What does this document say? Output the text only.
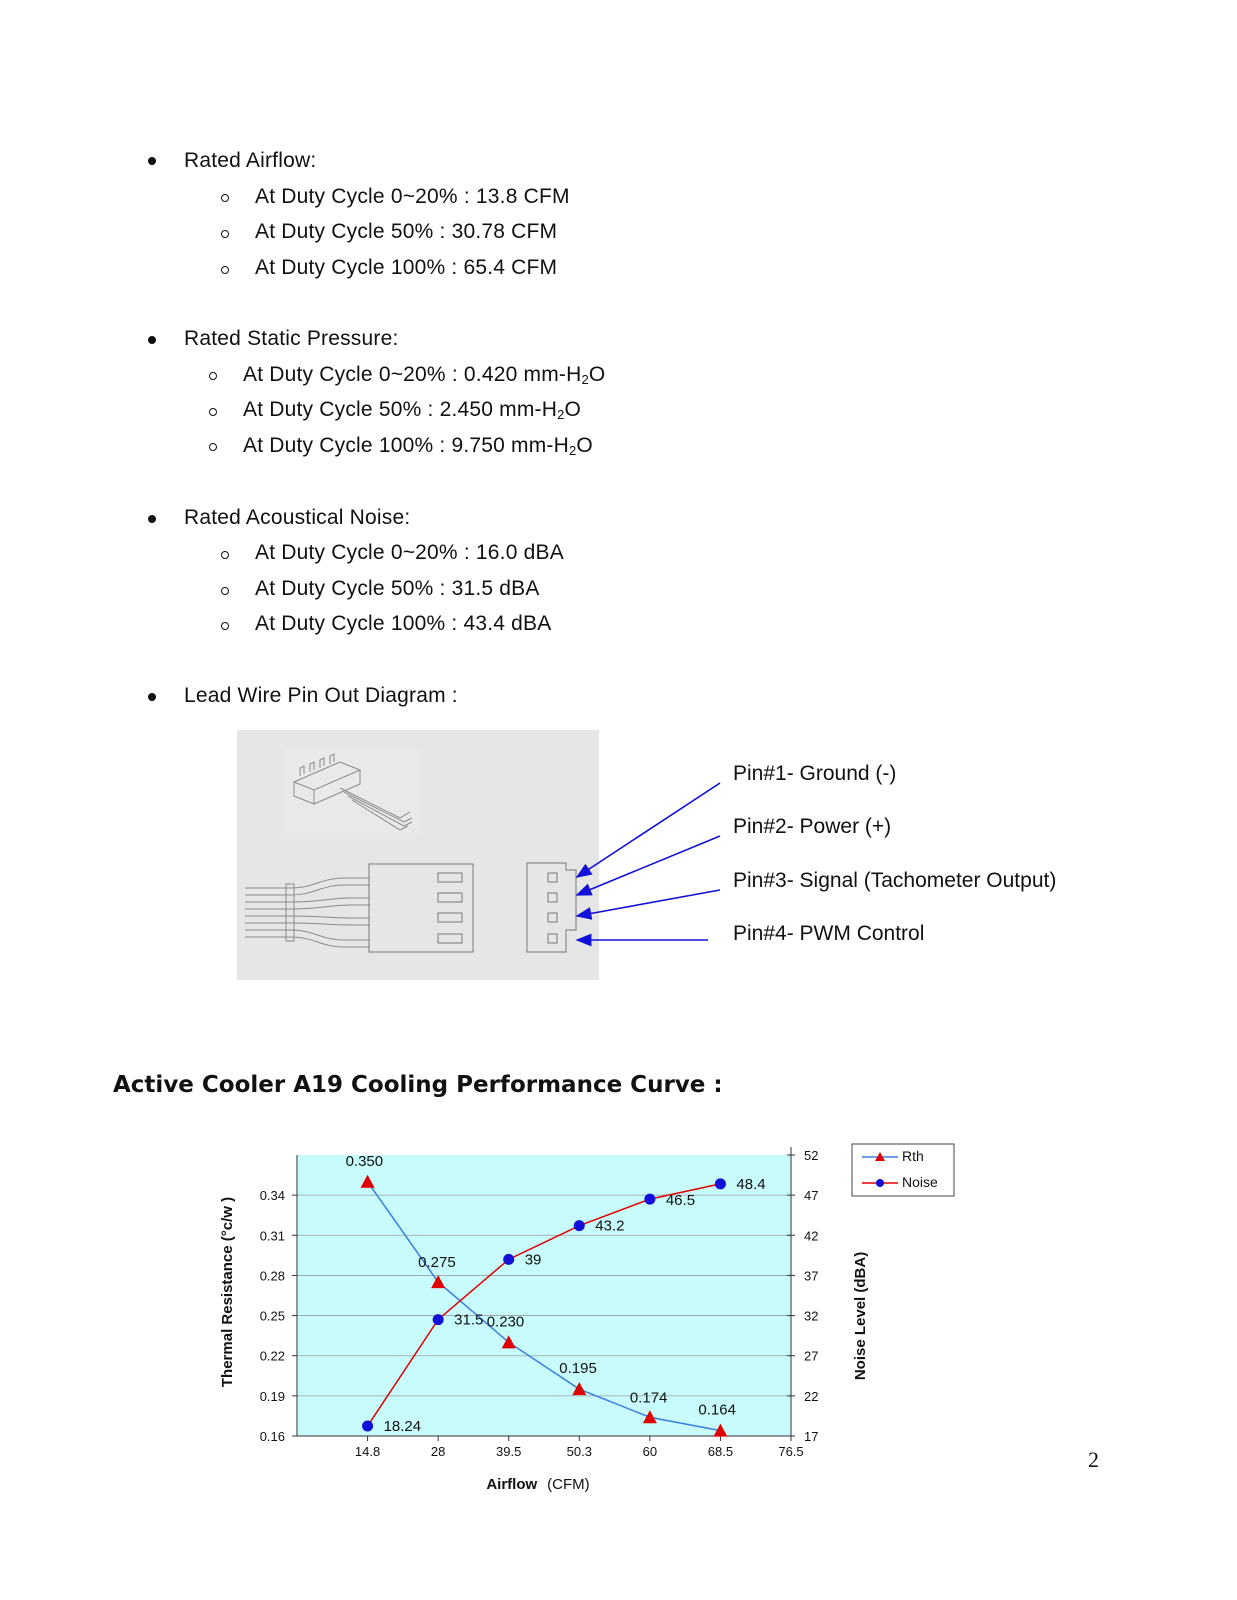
Rated Airflow:
At Duty Cycle 0~20% : 13.8 CFM
At Duty Cycle 50% : 30.78 CFM
At Duty Cycle 100% : 65.4 CFM
Rated Static Pressure:
At Duty Cycle 0~20% : 0.420 $mm-H_2O$
At Duty Cycle 50% : 2.450 $mm-H_2O$
At Duty Cycle 100% : 9.750 $mm-H_2O$
Rated Acoustical Noise:
At Duty Cycle 0~20% : 16.0 dBA
At Duty Cycle 50% : 31.5 dBA
At Duty Cycle 100% : 43.4 dBA
Lead Wire Pin Out Diagram :
Pin#1- Ground (-)
Pin#2- Power (+)
Pin#3- Signal (Tachometer Output)
Pin#4- PWM Control
Active Cooler A19 Cooling Performance Curve :
0.16
0.19
0.22
0.25
0.28
0.31
0.34
17
22
27
32
37
42
47
52
14.8	28	39.5	50.3	60	68.5	76.5
0.350
0.275
0.230
0.195
0.174
0.164
18.24
31.5
39
43.2
46.5
48.4
Rth
Noise
Thermal Resistance (°c/w )	Noise Level (dBA)
Airflow (CFM)
2
